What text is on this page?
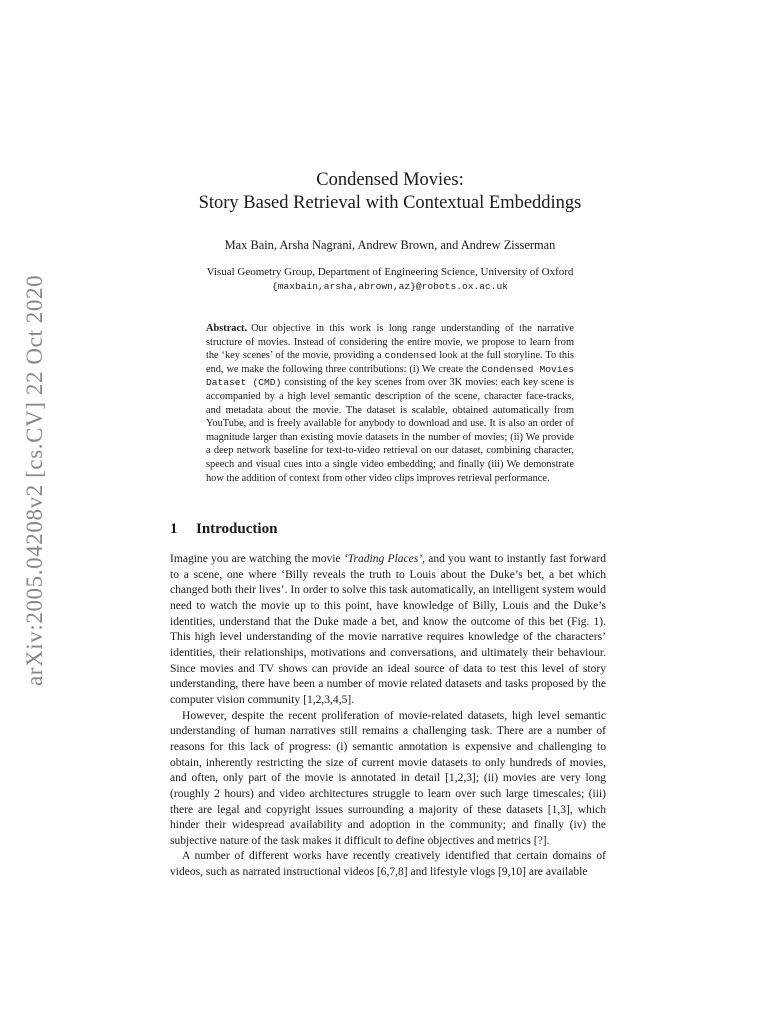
arXiv:2005.04208v2 [cs.CV] 22 Oct 2020
Condensed Movies:
Story Based Retrieval with Contextual Embeddings
Max Bain, Arsha Nagrani, Andrew Brown, and Andrew Zisserman
Visual Geometry Group, Department of Engineering Science, University of Oxford
{maxbain,arsha,abrown,az}@robots.ox.ac.uk
Abstract. Our objective in this work is long range understanding of the narrative structure of movies. Instead of considering the entire movie, we propose to learn from the ‘key scenes’ of the movie, providing a condensed look at the full storyline. To this end, we make the following three contributions: (i) We create the Condensed Movies Dataset (CMD) consisting of the key scenes from over 3K movies: each key scene is accompanied by a high level semantic description of the scene, character face-tracks, and metadata about the movie. The dataset is scalable, obtained automatically from YouTube, and is freely available for anybody to download and use. It is also an order of magnitude larger than existing movie datasets in the number of movies; (ii) We provide a deep network baseline for text-to-video retrieval on our dataset, combining character, speech and visual cues into a single video embedding; and finally (iii) We demonstrate how the addition of context from other video clips improves retrieval performance.
1 Introduction

Imagine you are watching the movie ‘Trading Places’, and you want to instantly fast forward to a scene, one where ‘Billy reveals the truth to Louis about the Duke’s bet, a bet which changed both their lives’. In order to solve this task automatically, an intelligent system would need to watch the movie up to this point, have knowledge of Billy, Louis and the Duke’s identities, understand that the Duke made a bet, and know the outcome of this bet (Fig. 1). This high level understanding of the movie narrative requires knowledge of the characters’ identities, their relationships, motivations and conversations, and ultimately their behaviour. Since movies and TV shows can provide an ideal source of data to test this level of story understanding, there have been a number of movie related datasets and tasks proposed by the computer vision community [1,2,3,4,5].

However, despite the recent proliferation of movie-related datasets, high level semantic understanding of human narratives still remains a challenging task. There are a number of reasons for this lack of progress: (i) semantic annotation is expensive and challenging to obtain, inherently restricting the size of current movie datasets to only hundreds of movies, and often, only part of the movie is annotated in detail [1,2,3]; (ii) movies are very long (roughly 2 hours) and video architectures struggle to learn over such large timescales; (iii) there are legal and copyright issues surrounding a majority of these datasets [1,3], which hinder their widespread availability and adoption in the community; and finally (iv) the subjective nature of the task makes it difficult to define objectives and metrics [?].

A number of different works have recently creatively identified that certain domains of videos, such as narrated instructional videos [6,7,8] and lifestyle vlogs [9,10] are available
